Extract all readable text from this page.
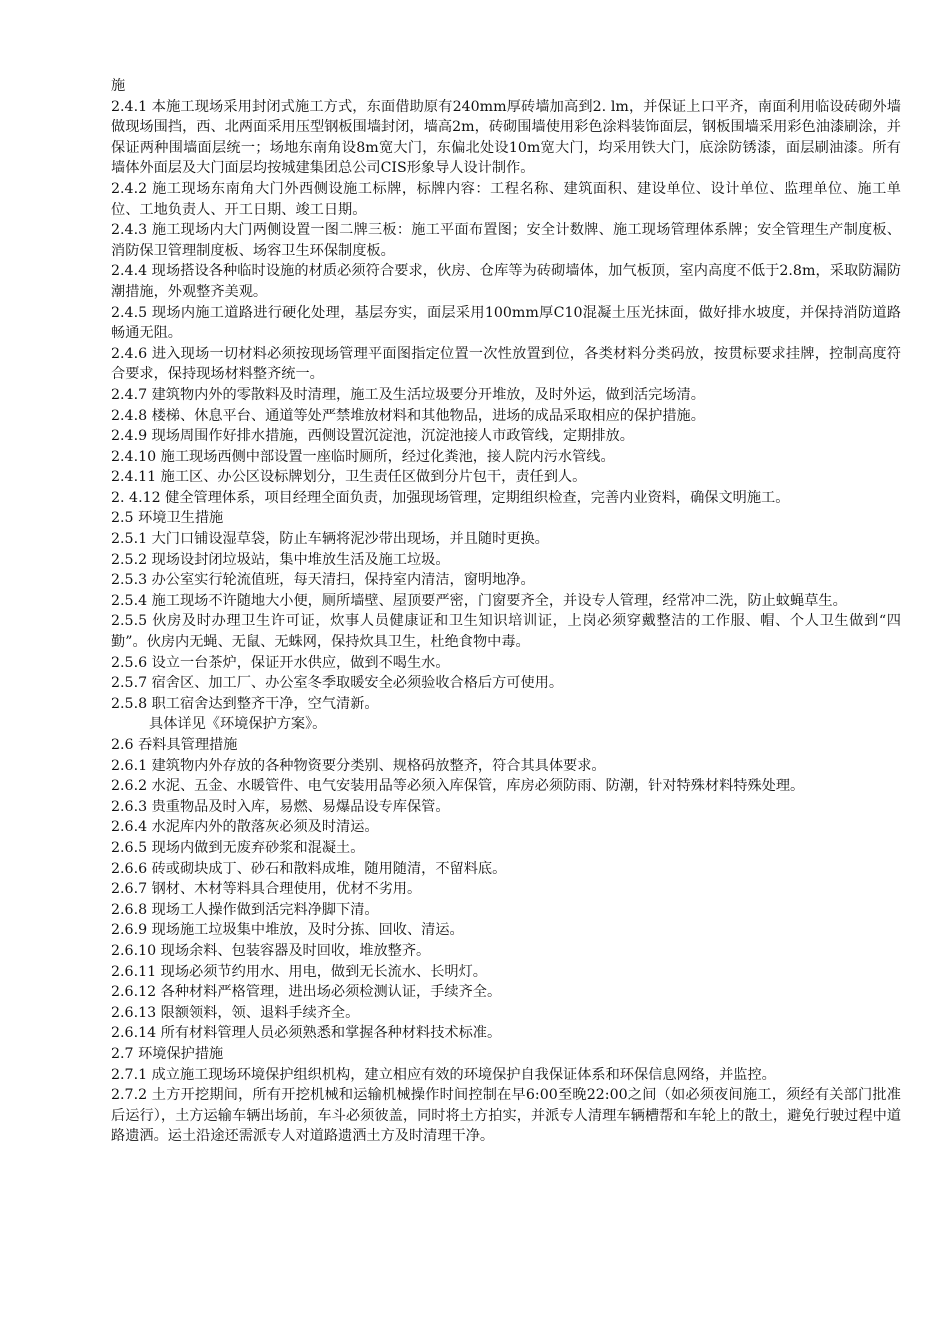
施

2.4.1 本施工现场采用封闭式施工方式，东面借助原有240mm厚砖墙加高到2. lm，并保证上口平齐，南面利用临设砖砌外墙做现场围挡，西、北两面采用压型钢板围墙封闭，墙高2m，砖砌围墙使用彩色涂料装饰面层，钢板围墙采用彩色油漆刷涂，并保证两种围墙面层统一；场地东南角设8m宽大门，东偏北处设10m宽大门，均采用铁大门，底涂防锈漆，面层刷油漆。所有墙体外面层及大门面层均按城建集团总公司CIS形象导人设计制作。

2.4.2 施工现场东南角大门外西侧设施工标牌，标牌内容：工程名称、建筑面积、建设单位、设计单位、监理单位、施工单位、工地负责人、开工日期、竣工日期。

2.4.3 施工现场内大门两侧设置一图二牌三板：施工平面布置图；安全计数牌、施工现场管理体系牌；安全管理生产制度板、消防保卫管理制度板、场容卫生环保制度板。

2.4.4 现场搭设各种临时设施的材质必须符合要求，伙房、仓库等为砖砌墙体，加气板顶，室内高度不低于2.8m，采取防漏防潮措施，外观整齐美观。

2.4.5 现场内施工道路进行硬化处理，基层夯实，面层采用100mm厚C10混凝土压光抹面，做好排水坡度，并保持消防道路畅通无阻。

2.4.6 进入现场一切材料必须按现场管理平面图指定位置一次性放置到位，各类材料分类码放，按贯标要求挂牌，控制高度符合要求，保持现场材料整齐统一。

2.4.7 建筑物内外的零散料及时清理，施工及生活垃圾要分开堆放，及时外运，做到活完场清。

2.4.8 楼梯、休息平台、通道等处严禁堆放材料和其他物品，进场的成品采取相应的保护措施。

2.4.9 现场周围作好排水措施，西侧设置沉淀池，沉淀池接人市政管线，定期排放。

2.4.10 施工现场西侧中部设置一座临时厕所，经过化粪池，接人院内污水管线。

2.4.11 施工区、办公区设标牌划分，卫生责任区做到分片包干，责任到人。

2. 4.12 健全管理体系，项目经理全面负责，加强现场管理，定期组织检查，完善内业资料，确保文明施工。

2.5 环境卫生措施

2.5.1 大门口铺设湿草袋，防止车辆将泥沙带出现场，并且随时更换。

2.5.2 现场设封闭垃圾站，集中堆放生活及施工垃圾。

2.5.3 办公室实行轮流值班，每天清扫，保持室内清洁，窗明地净。

2.5.4 施工现场不许随地大小便，厕所墙壁、屋顶要严密，门窗要齐全，并设专人管理，经常冲二洗，防止蚊蝇草生。

2.5.5 伙房及时办理卫生许可证，炊事人员健康证和卫生知识培训证，上岗必须穿戴整洁的工作服、帽、个人卫生做到“四勤”。伙房内无蝇、无鼠、无蛛网，保持炊具卫生，杜绝食物中毒。

2.5.6 设立一台茶炉，保证开水供应，做到不喝生水。

2.5.7 宿舍区、加工厂、办公室冬季取暖安全必须验收合格后方可使用。

2.5.8 职工宿舍达到整齐干净，空气清新。

具体详见《环境保护方案》。

2.6 吞料具管理措施

2.6.1 建筑物内外存放的各种物资要分类别、规格码放整齐，符合其具体要求。

2.6.2 水泥、五金、水暖管件、电气安装用品等必须入库保管，库房必须防雨、防潮，针对特殊材料特殊处理。

2.6.3 贵重物品及时入库，易燃、易爆品设专库保管。

2.6.4 水泥库内外的散落灰必须及时清运。

2.6.5 现场内做到无废弃砂浆和混凝土。

2.6.6 砖或砌块成丁、砂石和散料成堆，随用随清，不留料底。

2.6.7 钢材、木材等料具合理使用，优材不劣用。

2.6.8 现场工人操作做到活完料净脚下清。

2.6.9 现场施工垃圾集中堆放，及时分拣、回收、清运。

2.6.10 现场余料、包装容器及时回收，堆放整齐。

2.6.11 现场必须节约用水、用电，做到无长流水、长明灯。

2.6.12 各种材料严格管理，进出场必须检测认证，手续齐全。

2.6.13 限额领料，领、退料手续齐全。

2.6.14 所有材料管理人员必须熟悉和掌握各种材料技术标准。

2.7 环境保护措施

2.7.1 成立施工现场环境保护组织机构，建立相应有效的环境保护自我保证体系和环保信息网络，并监控。

2.7.2 土方开挖期间，所有开挖机械和运输机械操作时间控制在早6:00至晚22:00之间（如必须夜间施工，须经有关部门批准后运行），土方运输车辆出场前，车斗必须彼盖，同时将土方拍实，并派专人清理车辆槽帮和车轮上的散土，避免行驶过程中道路遗洒。运土沿途还需派专人对道路遗洒土方及时清理干净。
